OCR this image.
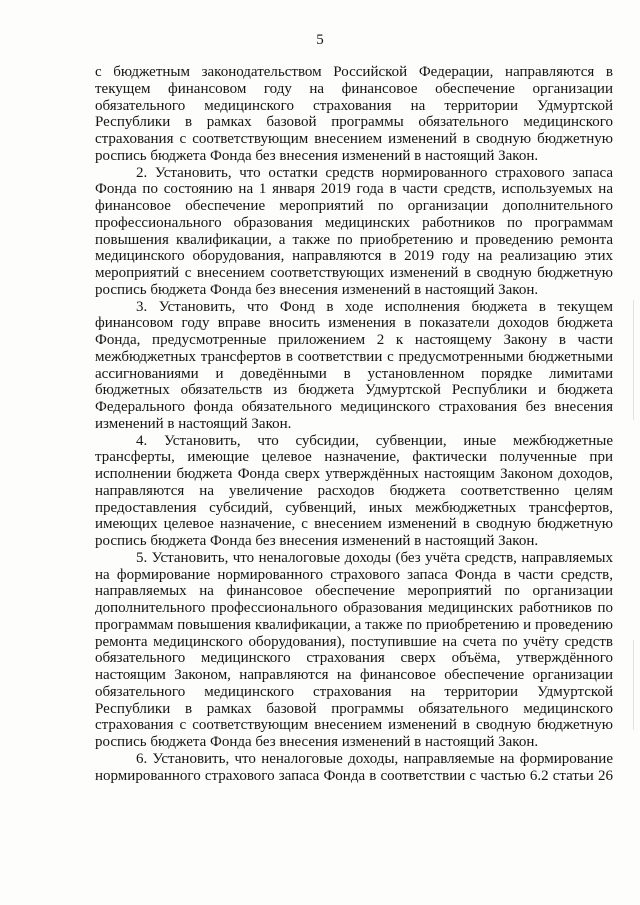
5

с бюджетным законодательством Российской Федерации, направляются в текущем финансовом году на финансовое обеспечение организации обязательного медицинского страхования на территории Удмуртской Республики в рамках базовой программы обязательного медицинского страхования с соответствующим внесением изменений в сводную бюджетную роспись бюджета Фонда без внесения изменений в настоящий Закон.

2. Установить, что остатки средств нормированного страхового запаса Фонда по состоянию на 1 января 2019 года в части средств, используемых на финансовое обеспечение мероприятий по организации дополнительного профессионального образования медицинских работников по программам повышения квалификации, а также по приобретению и проведению ремонта медицинского оборудования, направляются в 2019 году на реализацию этих мероприятий с внесением соответствующих изменений в сводную бюджетную роспись бюджета Фонда без внесения изменений в настоящий Закон.

3. Установить, что Фонд в ходе исполнения бюджета в текущем финансовом году вправе вносить изменения в показатели доходов бюджета Фонда, предусмотренные приложением 2 к настоящему Закону в части межбюджетных трансфертов в соответствии с предусмотренными бюджетными ассигнованиями и доведёнными в установленном порядке лимитами бюджетных обязательств из бюджета Удмуртской Республики и бюджета Федерального фонда обязательного медицинского страхования без внесения изменений в настоящий Закон.

4. Установить, что субсидии, субвенции, иные межбюджетные трансферты, имеющие целевое назначение, фактически полученные при исполнении бюджета Фонда сверх утверждённых настоящим Законом доходов, направляются на увеличение расходов бюджета соответственно целям предоставления субсидий, субвенций, иных межбюджетных трансфертов, имеющих целевое назначение, с внесением изменений в сводную бюджетную роспись бюджета Фонда без внесения изменений в настоящий Закон.

5. Установить, что неналоговые доходы (без учёта средств, направляемых на формирование нормированного страхового запаса Фонда в части средств, направляемых на финансовое обеспечение мероприятий по организации дополнительного профессионального образования медицинских работников по программам повышения квалификации, а также по приобретению и проведению ремонта медицинского оборудования), поступившие на счета по учёту средств обязательного медицинского страхования сверх объёма, утверждённого настоящим Законом, направляются на финансовое обеспечение организации обязательного медицинского страхования на территории Удмуртской Республики в рамках базовой программы обязательного медицинского страхования с соответствующим внесением изменений в сводную бюджетную роспись бюджета Фонда без внесения изменений в настоящий Закон.

6. Установить, что неналоговые доходы, направляемые на формирование нормированного страхового запаса Фонда в соответствии с частью 6.2 статьи 26
